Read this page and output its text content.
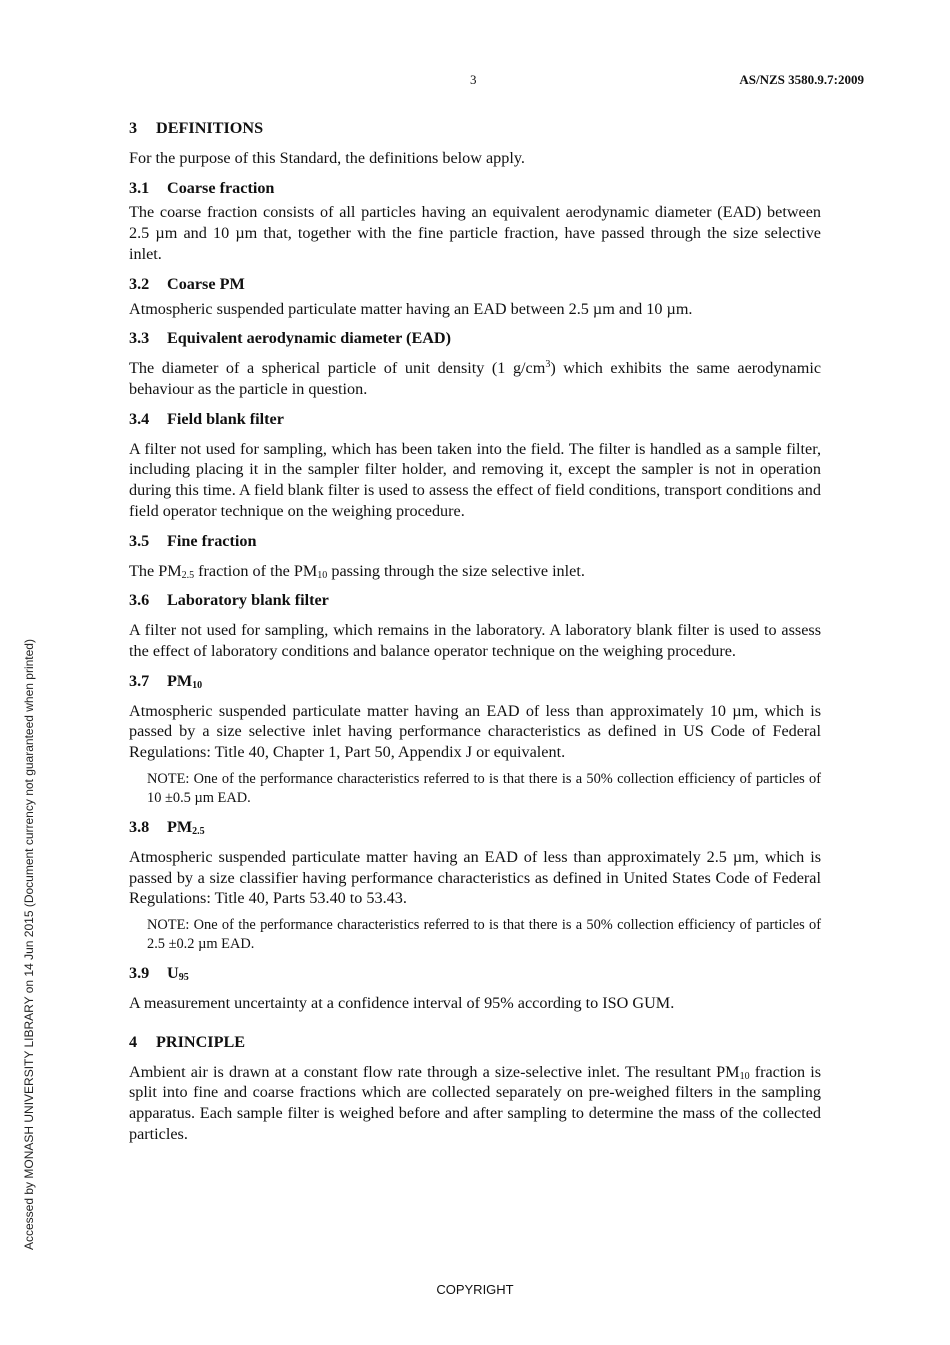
3	AS/NZS 3580.9.7:2009
Accessed by MONASH UNIVERSITY LIBRARY on 14 Jun 2015 (Document currency not guaranteed when printed)
3 DEFINITIONS

For the purpose of this Standard, the definitions below apply.

3.1 Coarse fraction

The coarse fraction consists of all particles having an equivalent aerodynamic diameter (EAD) between 2.5 µm and 10 µm that, together with the fine particle fraction, have passed through the size selective inlet.

3.2 Coarse PM

Atmospheric suspended particulate matter having an EAD between 2.5 µm and 10 µm.

3.3 Equivalent aerodynamic diameter (EAD)

The diameter of a spherical particle of unit density (1 $g/cm^3$) which exhibits the same aerodynamic behaviour as the particle in question.

3.4 Field blank filter

A filter not used for sampling, which has been taken into the field. The filter is handled as a sample filter, including placing it in the sampler filter holder, and removing it, except the sampler is not in operation during this time. A field blank filter is used to assess the effect of field conditions, transport conditions and field operator technique on the weighing procedure.

3.5 Fine fraction

The $PM_{2.5}$ fraction of the $PM_{10}$ passing through the size selective inlet.

3.6 Laboratory blank filter

A filter not used for sampling, which remains in the laboratory. A laboratory blank filter is used to assess the effect of laboratory conditions and balance operator technique on the weighing procedure.

3.7 $PM_{10}$

Atmospheric suspended particulate matter having an EAD of less than approximately 10 µm, which is passed by a size selective inlet having performance characteristics as defined in US Code of Federal Regulations: Title 40, Chapter 1, Part 50, Appendix J or equivalent.

NOTE: One of the performance characteristics referred to is that there is a 50% collection efficiency of particles of 10 ±0.5 µm EAD.
3.8 $PM_{2.5}$

Atmospheric suspended particulate matter having an EAD of less than approximately 2.5 µm, which is passed by a size classifier having performance characteristics as defined in United States Code of Federal Regulations: Title 40, Parts 53.40 to 53.43.

NOTE: One of the performance characteristics referred to is that there is a 50% collection efficiency of particles of 2.5 ±0.2 µm EAD.
3.9 $U_{95}$

A measurement uncertainty at a confidence interval of 95% according to ISO GUM.

4 PRINCIPLE

Ambient air is drawn at a constant flow rate through a size-selective inlet. The resultant $PM_{10}$ fraction is split into fine and coarse fractions which are collected separately on pre-weighed filters in the sampling apparatus. Each sample filter is weighed before and after sampling to determine the mass of the collected particles.

COPYRIGHT
